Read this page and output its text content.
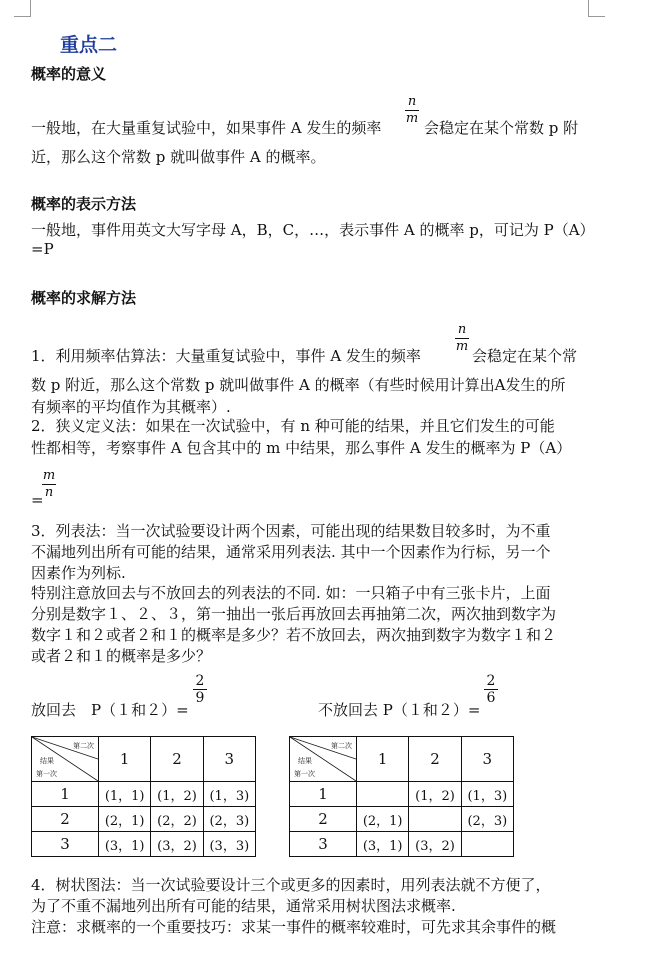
重点二
概率的意义
一般地，在大量重复试验中，如果事件 A 发生的频率
n
m
会稳定在某个常数 p 附
近，那么这个常数 p 就叫做事件 A 的概率。
概率的表示方法
一般地，事件用英文大写字母 A，B，C，…，表示事件 A 的概率 p，可记为 P（A）
=P
概率的求解方法
1．利用频率估算法：大量重复试验中，事件 A 发生的频率
n
m
会稳定在某个常
数 p 附近，那么这个常数 p 就叫做事件 A 的概率（有些时候用计算出A发生的所
有频率的平均值作为其概率）.
2．狭义定义法：如果在一次试验中，有 n 种可能的结果，并且它们发生的可能
性都相等，考察事件 A 包含其中的 m 中结果，那么事件 A 发生的概率为 P（A）
=
m
n
3．列表法：当一次试验要设计两个因素，可能出现的结果数目较多时，为不重
不漏地列出所有可能的结果，通常采用列表法. 其中一个因素作为行标，另一个
因素作为列标.
特别注意放回去与不放回去的列表法的不同. 如：一只箱子中有三张卡片，上面
分别是数字１、２、３，第一抽出一张后再放回去再抽第二次，两次抽到数字为
数字１和２或者２和１的概率是多少？若不放回去，两次抽到数字为数字１和２
或者２和１的概率是多少？
放回去　P（１和２）=
2
9
不放回去 P（１和２）=
2
6
第二次
结果
第一次	1	2	3
1	(1，1)	(1，2)	(1，3)
2	(2，1)	(2，2)	(2，3)
3	(3，1)	(3，2)	(3，3)
第二次
结果
第一次	1	2	3
1		(1，2)	(1，3)
2	(2，1)		(2，3)
3	(3，1)	(3，2)	
4．树状图法：当一次试验要设计三个或更多的因素时，用列表法就不方便了，
为了不重不漏地列出所有可能的结果，通常采用树状图法求概率.
注意：求概率的一个重要技巧：求某一事件的概率较难时，可先求其余事件的概
